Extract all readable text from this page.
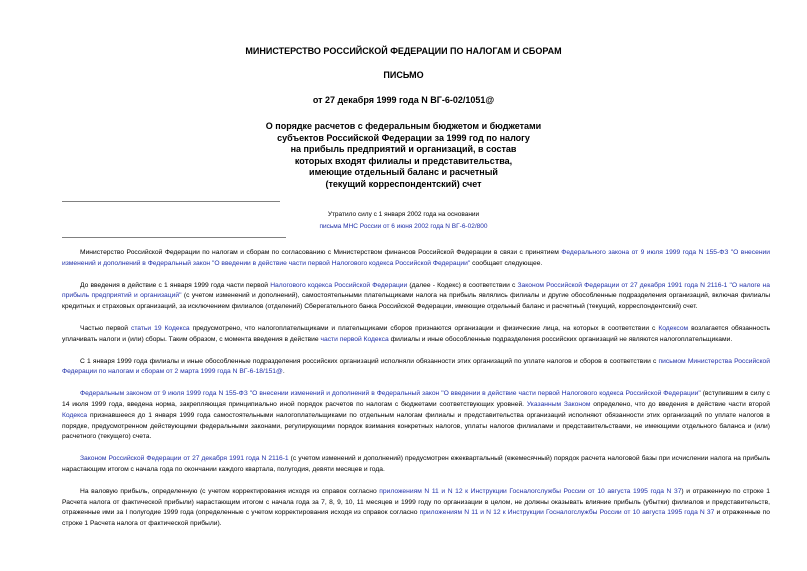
МИНИСТЕРСТВО РОССИЙСКОЙ ФЕДЕРАЦИИ ПО НАЛОГАМ И СБОРАМ
ПИСЬМО
от 27 декабря 1999 года N ВГ-6-02/1051@
О порядке расчетов с федеральным бюджетом и бюджетами
субъектов Российской Федерации за 1999 год по налогу
на прибыль предприятий и организаций, в состав
которых входят филиалы и представительства,
имеющие отдельный баланс и расчетный
(текущий корреспондентский) счет
Утратило силу с 1 января 2002 года на основании
письма МНС России от 6 июня 2002 года N ВГ-6-02/800

Министерство Российской Федерации по налогам и сборам по согласованию с Министерством финансов Российской Федерации в связи с принятием Федерального закона от 9 июля 1999 года N 155-ФЗ "О внесении изменений и дополнений в Федеральный закон "О введении в действие части первой Налогового кодекса Российской Федерации" сообщает следующее.

До введения в действие с 1 января 1999 года части первой Налогового кодекса Российской Федерации (далее - Кодекс) в соответствии с Законом Российской Федерации от 27 декабря 1991 года N 2116-1 "О налоге на прибыль предприятий и организаций" (с учетом изменений и дополнений), самостоятельными плательщиками налога на прибыль являлись филиалы и другие обособленные подразделения организаций, включая филиалы кредитных и страховых организаций, за исключением филиалов (отделений) Сберегательного банка Российской Федерации, имеющие отдельный баланс и расчетный (текущий, корреспондентский) счет.

Частью первой статьи 19 Кодекса предусмотрено, что налогоплательщиками и плательщиками сборов признаются организации и физические лица, на которых в соответствии с Кодексом возлагается обязанность уплачивать налоги и (или) сборы. Таким образом, с момента введения в действие части первой Кодекса филиалы и иные обособленные подразделения российских организаций не являются налогоплательщиками.

С 1 января 1999 года филиалы и иные обособленные подразделения российских организаций исполняли обязанности этих организаций по уплате налогов и сборов в соответствии с письмом Министерства Российской Федерации по налогам и сборам от 2 марта 1999 года N ВГ-6-18/151@.

Федеральным законом от 9 июля 1999 года N 155-ФЗ "О внесении изменений и дополнений в Федеральный закон "О введении в действие части первой Налогового кодекса Российской Федерации" (вступившим в силу с 14 июля 1999 года, введена норма, закрепляющая принципиально иной порядок расчетов по налогам с бюджетами соответствующих уровней. Указанным Законом определено, что до введения в действие части второй Кодекса признавшееся до 1 января 1999 года самостоятельными налогоплательщиками по отдельным налогам филиалы и представительства организаций исполняют обязанности этих организаций по уплате налогов в порядке, предусмотренном действующими федеральными законами, регулирующими порядок взимания конкретных налогов, уплаты налогов филиалами и представительствами, не имеющими отдельного баланса и (или) расчетного (текущего) счета.

Законом Российской Федерации от 27 декабря 1991 года N 2116-1 (с учетом изменений и дополнений) предусмотрен ежеквартальный (ежемесячный) порядок расчета налоговой базы при исчислении налога на прибыль нарастающим итогом с начала года по окончании каждого квартала, полугодия, девяти месяцев и года.

На валовую прибыль, определенную (с учетом корректирования исходя из справок согласно приложениям N 11 и N 12 к Инструкции Госналогслужбы России от 10 августа 1995 года N 37) и отраженную по строке 1 Расчета налога от фактической прибыли) нарастающим итогом с начала года за 7, 8, 9, 10, 11 месяцев и 1999 году по организации в целом, не должны оказывать влияние прибыль (убытки) филиалов и представительств, отраженные ими за I полугодие 1999 года (определенные с учетом корректирования исходя из справок согласно приложениям N 11 и N 12 к Инструкции Госналогслужбы России от 10 августа 1995 года N 37 и отраженные по строке 1 Расчета налога от фактической прибыли).
